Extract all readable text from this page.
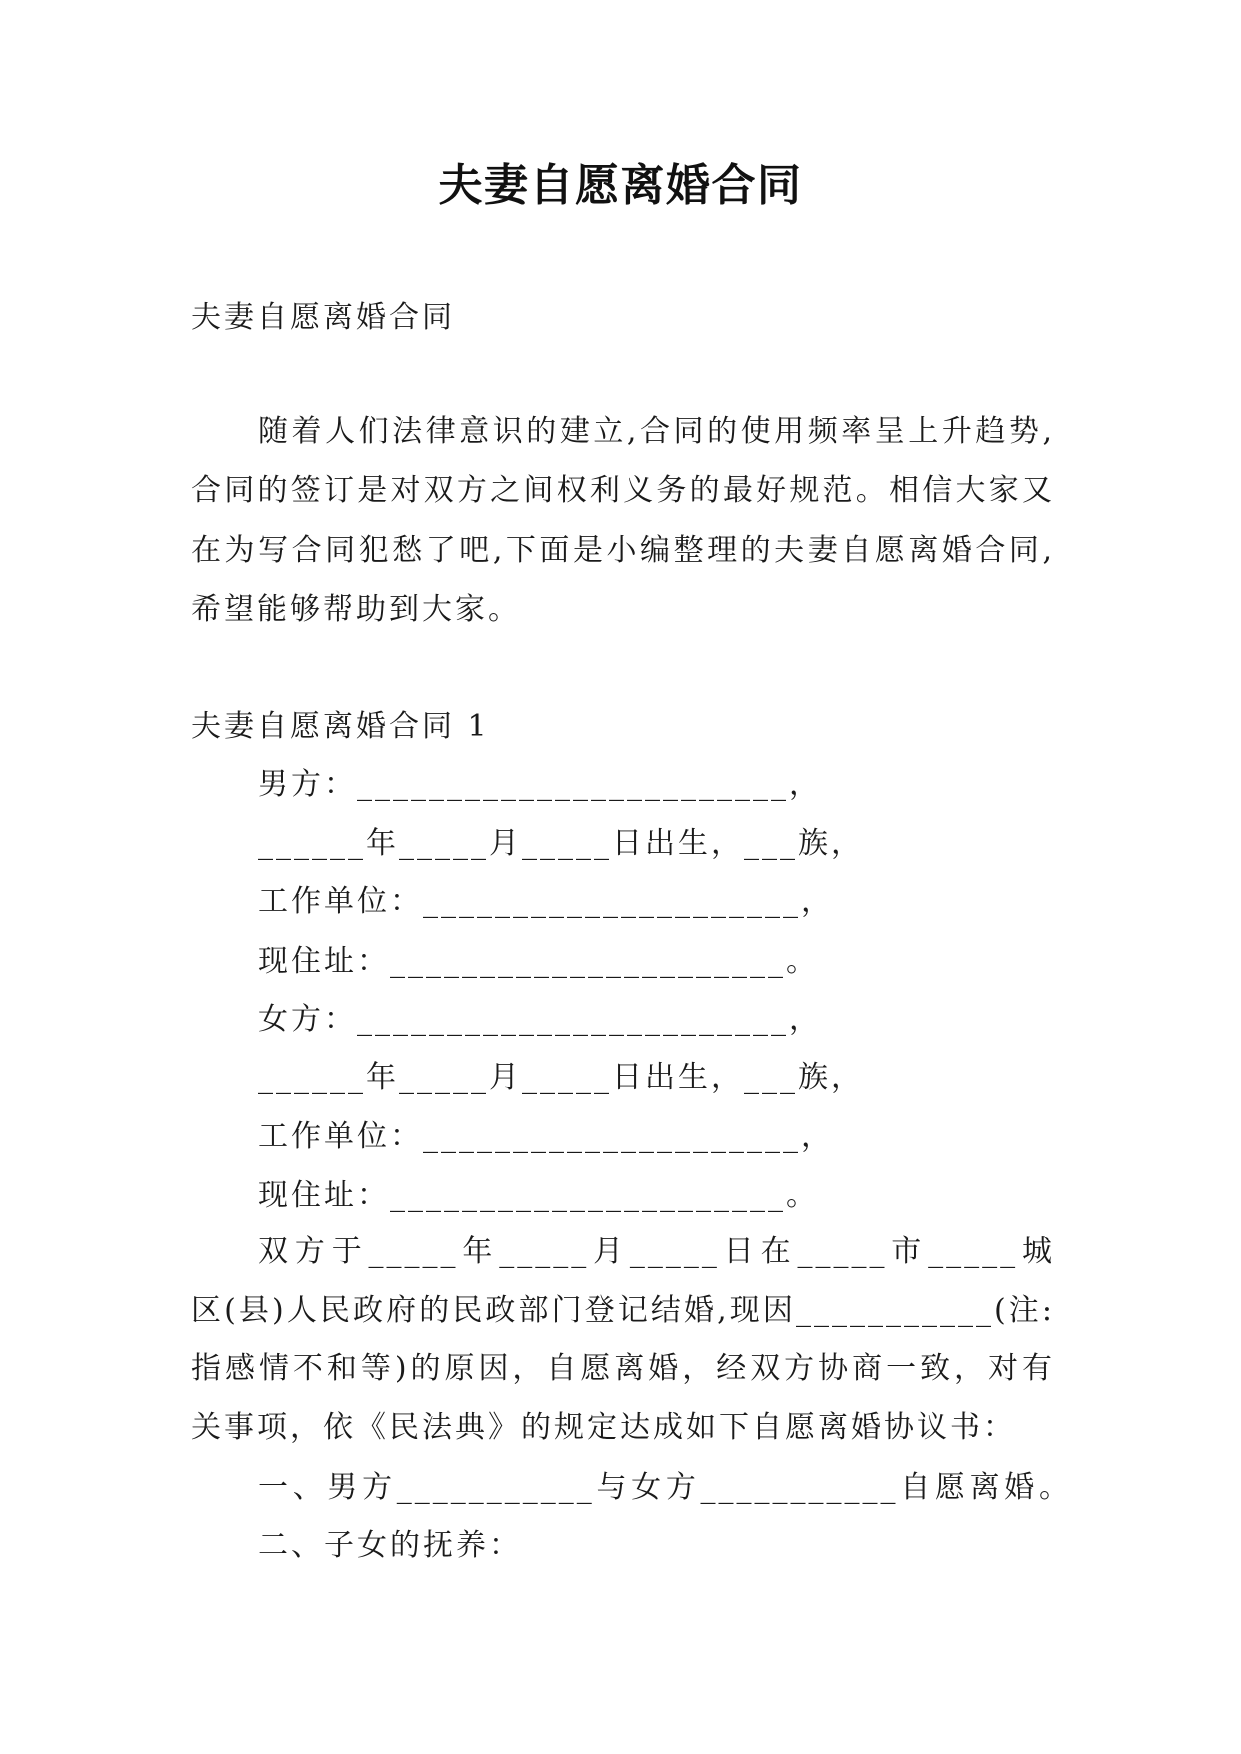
夫妻自愿离婚合同
夫妻自愿离婚合同
随着人们法律意识的建立,合同的使用频率呈上升趋势,
合同的签订是对双方之间权利义务的最好规范。相信大家又
在为写合同犯愁了吧,下面是小编整理的夫妻自愿离婚合同,
希望能够帮助到大家。
夫妻自愿离婚合同 1
男方：________________________，
______年_____月_____日出生，___族，
工作单位：_____________________，
现住址：______________________。
女方：________________________，
______年_____月_____日出生，___族，
工作单位：_____________________，
现住址：______________________。
双方于_____年_____月_____日在_____市_____城
区(县)人民政府的民政部门登记结婚,现因___________(注:
指感情不和等)的原因，自愿离婚，经双方协商一致，对有
关事项，依《民法典》的规定达成如下自愿离婚协议书：
一、男方___________与女方___________自愿离婚。
二、子女的抚养：
